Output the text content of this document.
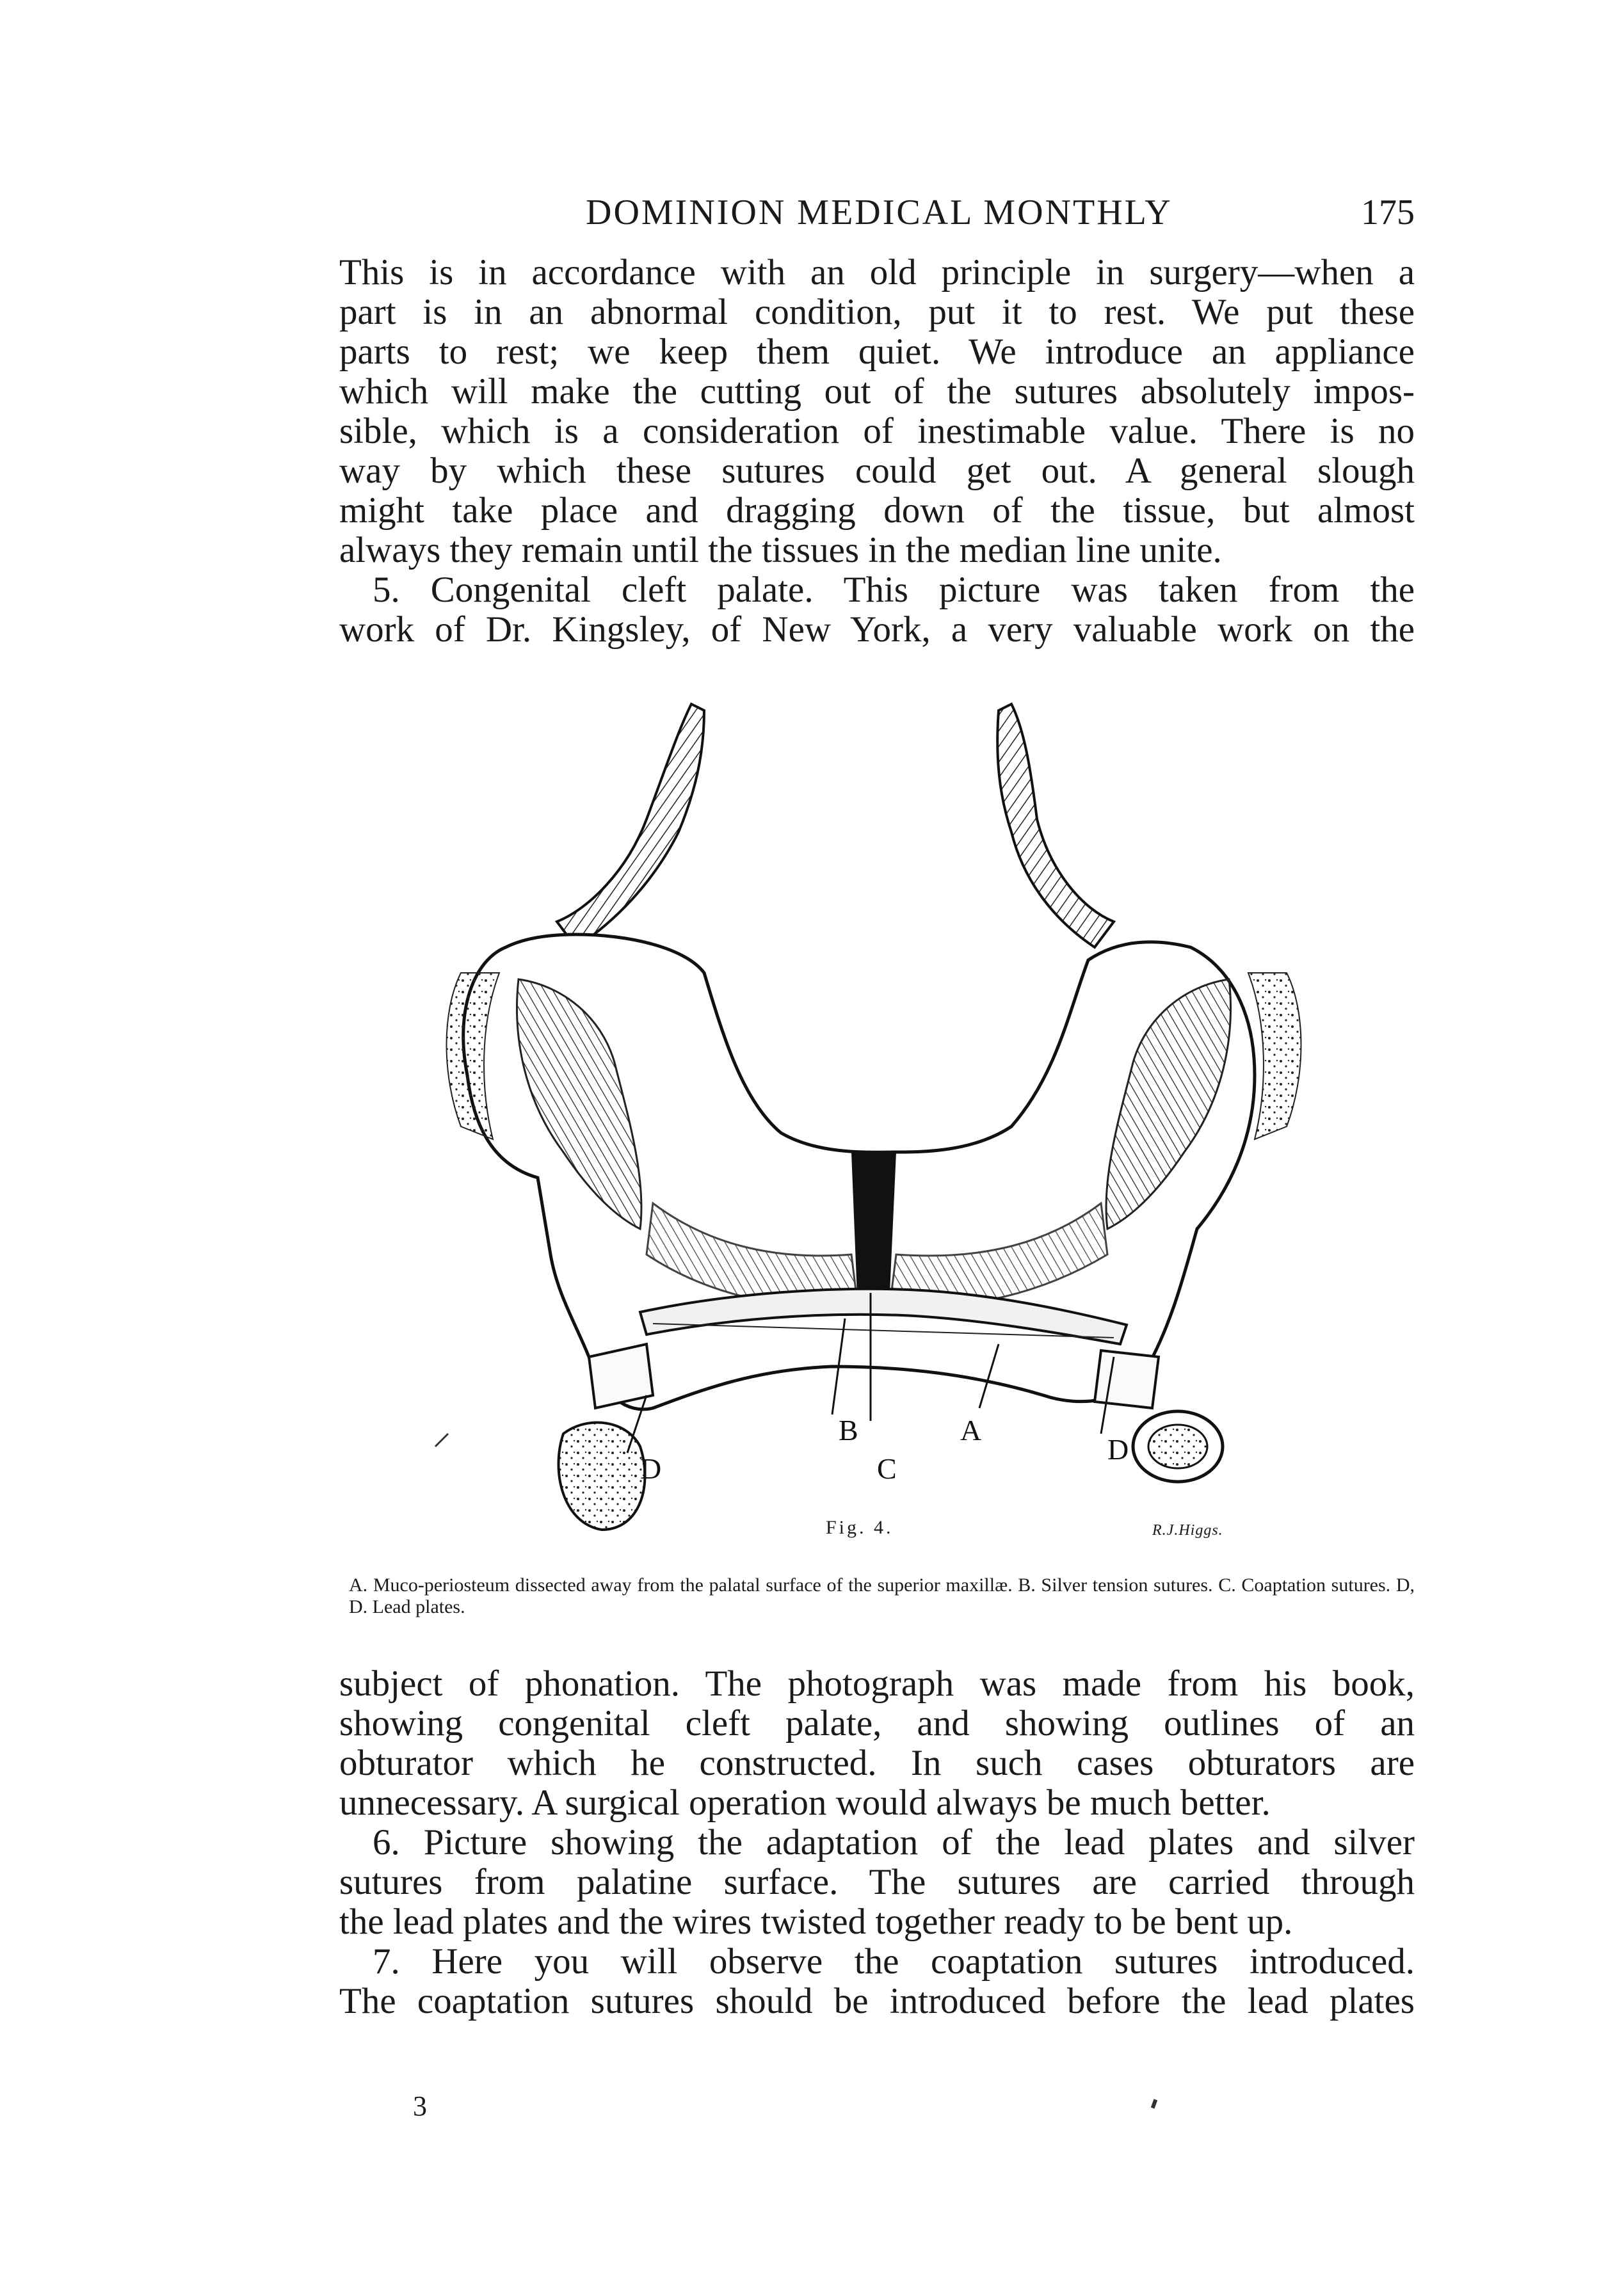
DOMINION MEDICAL MONTHLY	175
This is in accordance with an old principle in surgery—when a
part is in an abnormal condition, put it to rest. We put these
parts to rest; we keep them quiet. We introduce an appliance
which will make the cutting out of the sutures absolutely impos-
sible, which is a consideration of inestimable value. There is no
way by which these sutures could get out. A general slough
might take place and dragging down of the tissue, but almost
always they remain until the tissues in the median line unite.
5. Congenital cleft palate. This picture was taken from the
work of Dr. Kingsley, of New York, a very valuable work on the
D
B
C
A
D
Fig. 4.	R.J.Higgs.
A. Muco-periosteum dissected away from the palatal surface of the superior maxillæ. B. Silver tension sutures. C. Coaptation sutures. D, D. Lead plates.
subject of phonation. The photograph was made from his book,
showing congenital cleft palate, and showing outlines of an
obturator which he constructed. In such cases obturators are
unnecessary. A surgical operation would always be much better.
6. Picture showing the adaptation of the lead plates and silver
sutures from palatine surface. The sutures are carried through
the lead plates and the wires twisted together ready to be bent up.
7. Here you will observe the coaptation sutures introduced.
The coaptation sutures should be introduced before the lead plates
3
